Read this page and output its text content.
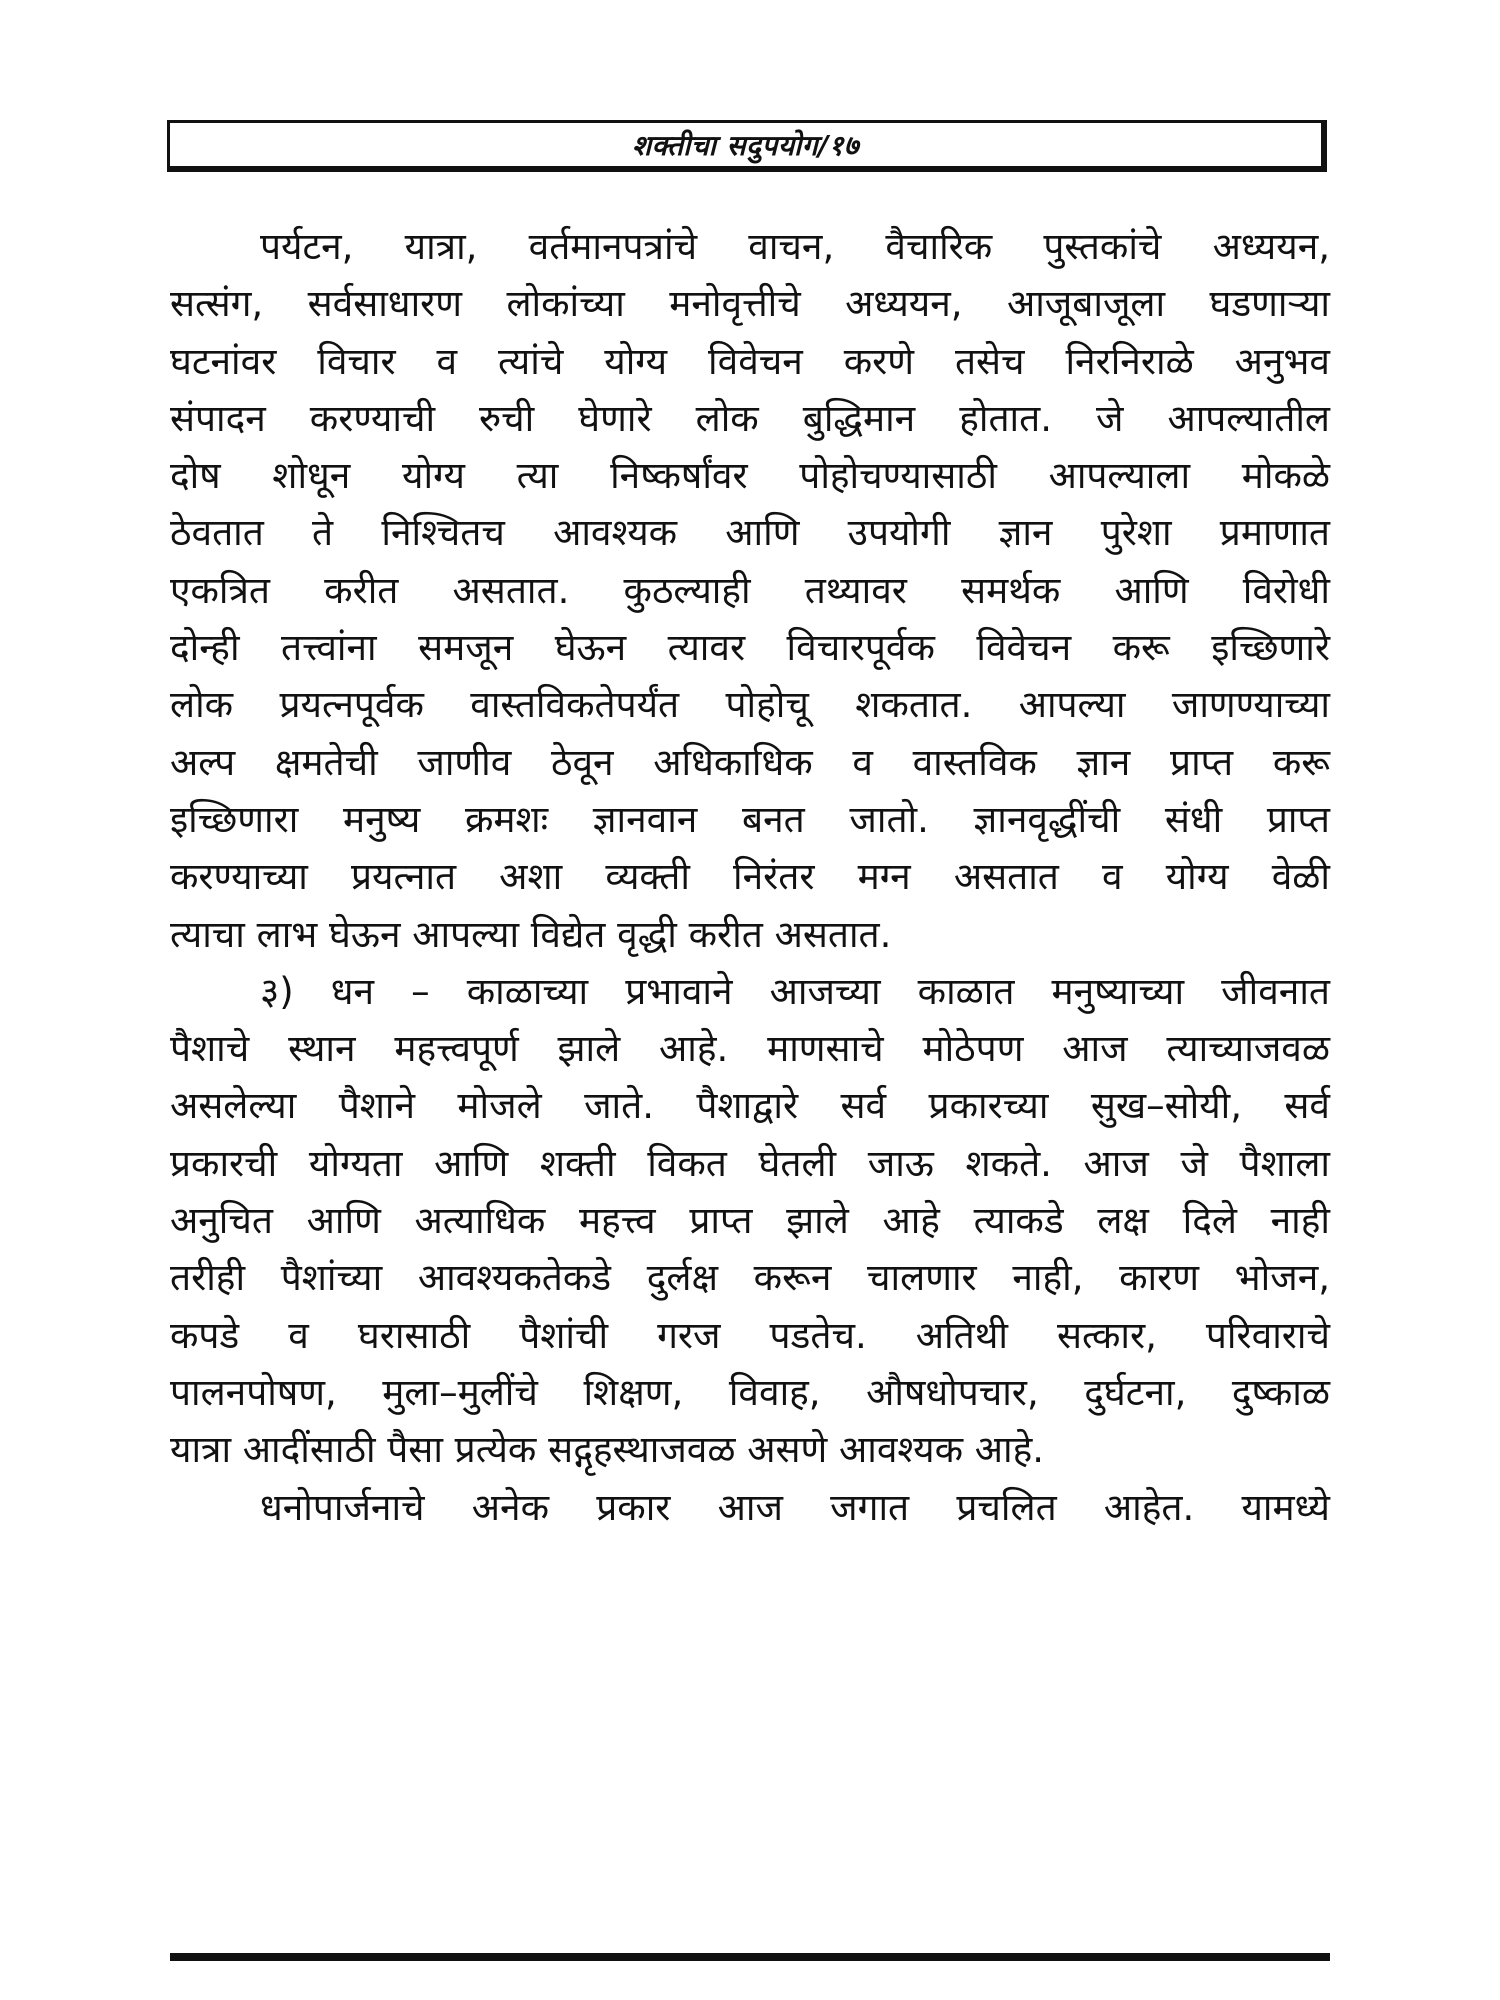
शक्तीचा सदुपयोग/१७
पर्यटन, यात्रा, वर्तमानपत्रांचे वाचन, वैचारिक पुस्तकांचे अध्ययन,
सत्संग, सर्वसाधारण लोकांच्या मनोवृत्तीचे अध्ययन, आजूबाजूला घडणाऱ्या
घटनांवर विचार व त्यांचे योग्य विवेचन करणे तसेच निरनिराळे अनुभव
संपादन करण्याची रुची घेणारे लोक बुद्धिमान होतात. जे आपल्यातील
दोष शोधून योग्य त्या निष्कर्षांवर पोहोचण्यासाठी आपल्याला मोकळे
ठेवतात ते निश्चितच आवश्यक आणि उपयोगी ज्ञान पुरेशा प्रमाणात
एकत्रित करीत असतात. कुठल्याही तथ्यावर समर्थक आणि विरोधी
दोन्ही तत्त्वांना समजून घेऊन त्यावर विचारपूर्वक विवेचन करू इच्छिणारे
लोक प्रयत्नपूर्वक वास्तविकतेपर्यंत पोहोचू शकतात. आपल्या जाणण्याच्या
अल्प क्षमतेची जाणीव ठेवून अधिकाधिक व वास्तविक ज्ञान प्राप्त करू
इच्छिणारा मनुष्य क्रमशः ज्ञानवान बनत जातो. ज्ञानवृद्धींची संधी प्राप्त
करण्याच्या प्रयत्नात अशा व्यक्ती निरंतर मग्न असतात व योग्य वेळी
त्याचा लाभ घेऊन आपल्या विद्येत वृद्धी करीत असतात.
३) धन – काळाच्या प्रभावाने आजच्या काळात मनुष्याच्या जीवनात
पैशाचे स्थान महत्त्वपूर्ण झाले आहे. माणसाचे मोठेपण आज त्याच्याजवळ
असलेल्या पैशाने मोजले जाते. पैशाद्वारे सर्व प्रकारच्या सुख–सोयी, सर्व
प्रकारची योग्यता आणि शक्ती विकत घेतली जाऊ शकते. आज जे पैशाला
अनुचित आणि अत्याधिक महत्त्व प्राप्त झाले आहे त्याकडे लक्ष दिले नाही
तरीही पैशांच्या आवश्यकतेकडे दुर्लक्ष करून चालणार नाही, कारण भोजन,
कपडे व घरासाठी पैशांची गरज पडतेच. अतिथी सत्कार, परिवाराचे
पालनपोषण, मुला–मुलींचे शिक्षण, विवाह, औषधोपचार, दुर्घटना, दुष्काळ
यात्रा आदींसाठी पैसा प्रत्येक सद्गृहस्थाजवळ असणे आवश्यक आहे.
धनोपार्जनाचे अनेक प्रकार आज जगात प्रचलित आहेत. यामध्ये
